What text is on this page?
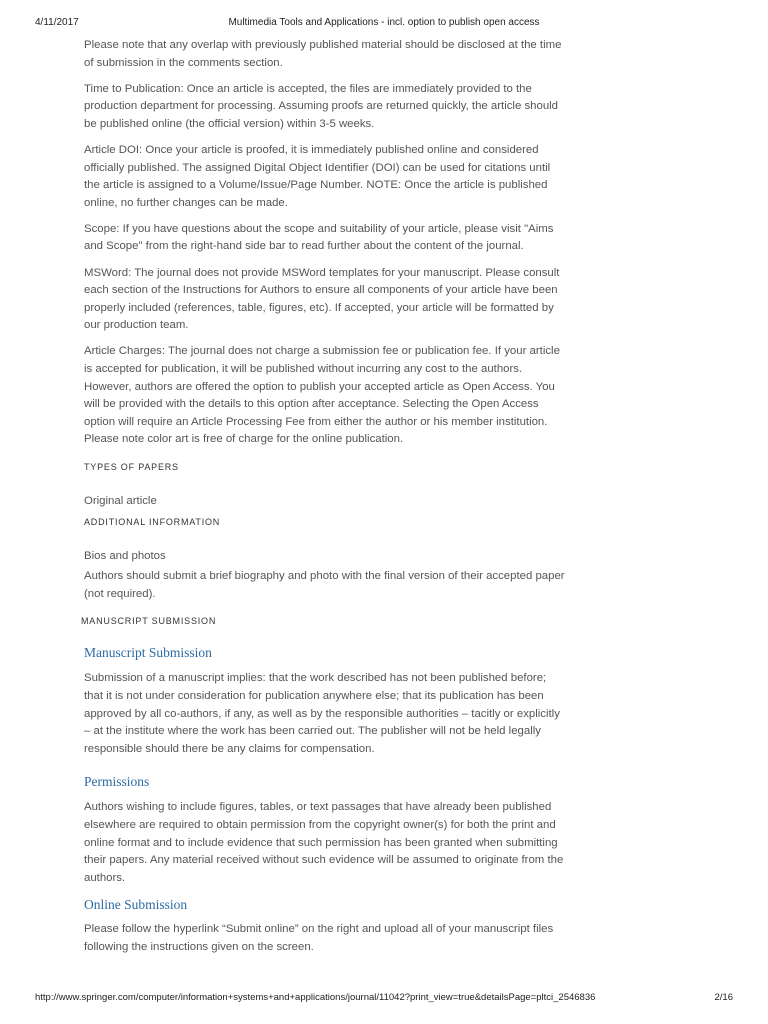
4/11/2017	Multimedia Tools and Applications - incl. option to publish open access

Please note that any overlap with previously published material should be disclosed at the time of submission in the comments section.

Time to Publication: Once an article is accepted, the files are immediately provided to the production department for processing. Assuming proofs are returned quickly, the article should be published online (the official version) within 3-5 weeks.

Article DOI: Once your article is proofed, it is immediately published online and considered officially published. The assigned Digital Object Identifier (DOI) can be used for citations until the article is assigned to a Volume/Issue/Page Number. NOTE: Once the article is published online, no further changes can be made.

Scope: If you have questions about the scope and suitability of your article, please visit "Aims and Scope" from the right-hand side bar to read further about the content of the journal.

MSWord: The journal does not provide MSWord templates for your manuscript. Please consult each section of the Instructions for Authors to ensure all components of your article have been properly included (references, table, figures, etc). If accepted, your article will be formatted by our production team.

Article Charges: The journal does not charge a submission fee or publication fee. If your article is accepted for publication, it will be published without incurring any cost to the authors. However, authors are offered the option to publish your accepted article as Open Access. You will be provided with the details to this option after acceptance. Selecting the Open Access option will require an Article Processing Fee from either the author or his member institution. Please note color art is free of charge for the online publication.

TYPES OF PAPERS

Original article

ADDITIONAL INFORMATION

Bios and photos

Authors should submit a brief biography and photo with the final version of their accepted paper (not required).

MANUSCRIPT SUBMISSION
Manuscript Submission

Submission of a manuscript implies: that the work described has not been published before; that it is not under consideration for publication anywhere else; that its publication has been approved by all co-authors, if any, as well as by the responsible authorities – tacitly or explicitly – at the institute where the work has been carried out. The publisher will not be held legally responsible should there be any claims for compensation.

Permissions

Authors wishing to include figures, tables, or text passages that have already been published elsewhere are required to obtain permission from the copyright owner(s) for both the print and online format and to include evidence that such permission has been granted when submitting their papers. Any material received without such evidence will be assumed to originate from the authors.

Online Submission

Please follow the hyperlink “Submit online” on the right and upload all of your manuscript files following the instructions given on the screen.

http://www.springer.com/computer/information+systems+and+applications/journal/11042?print_view=true&detailsPage=pltci_2546836	2/16
